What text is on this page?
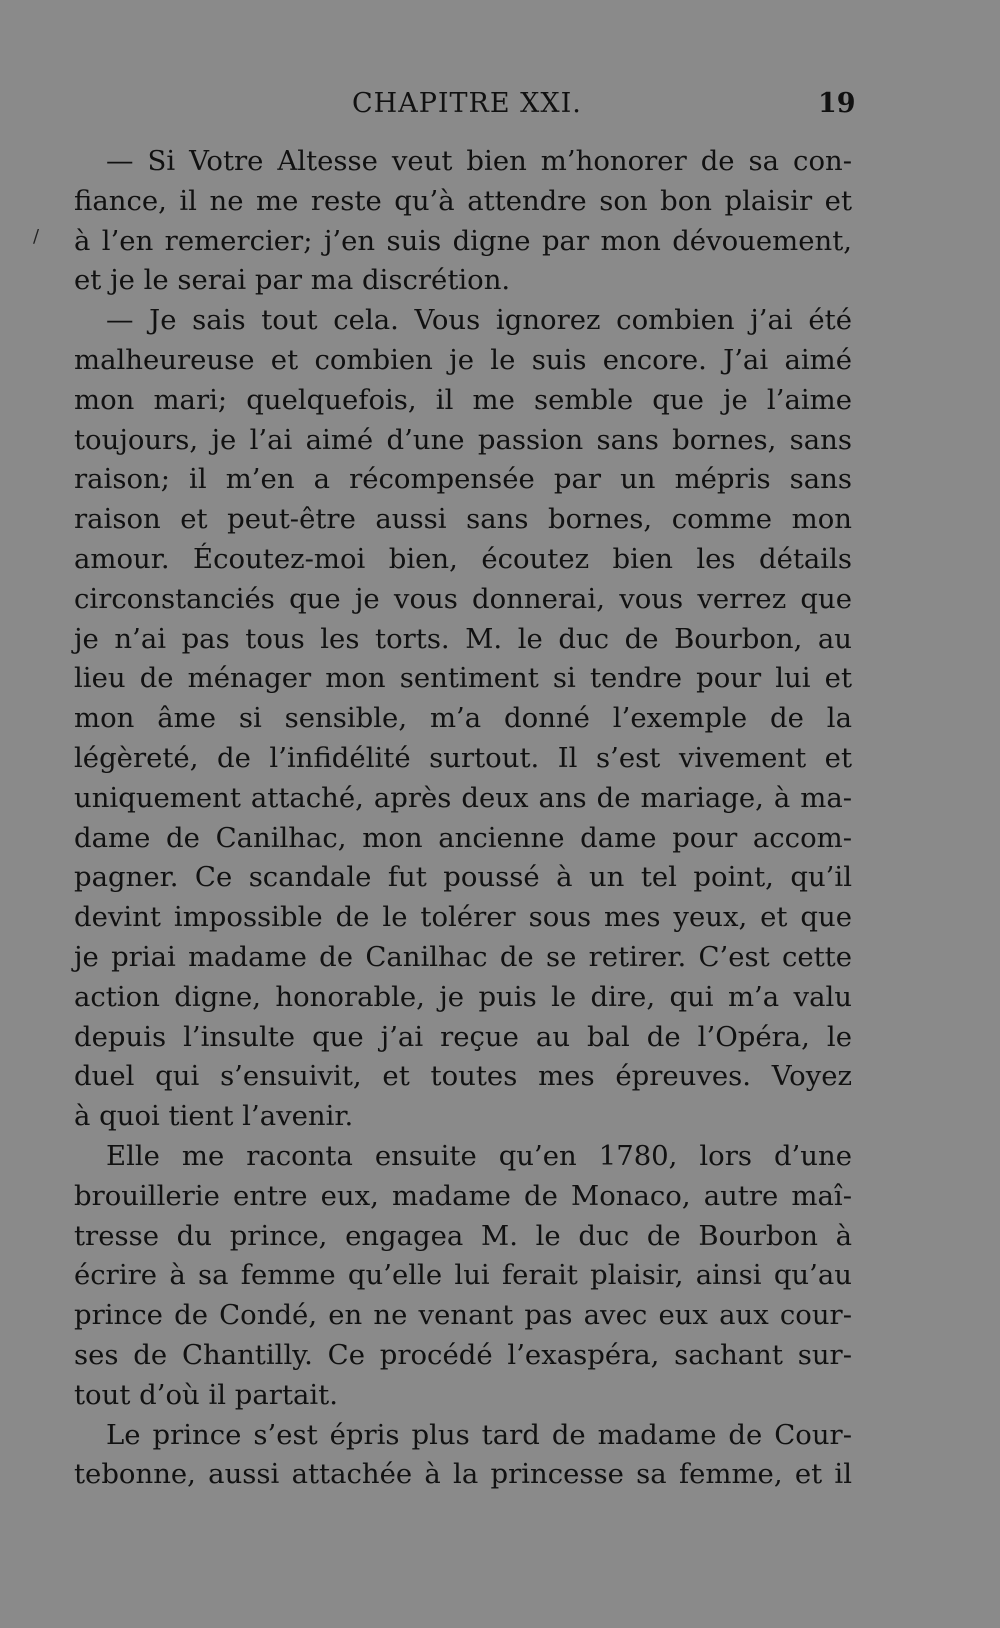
CHAPITRE XXI.	19
/
— Si Votre Altesse veut bien m’honorer de sa con-
fiance, il ne me reste qu’à attendre son bon plaisir et
à l’en remercier; j’en suis digne par mon dévouement,
et je le serai par ma discrétion.
— Je sais tout cela. Vous ignorez combien j’ai été
malheureuse et combien je le suis encore. J’ai aimé
mon mari; quelquefois, il me semble que je l’aime
toujours, je l’ai aimé d’une passion sans bornes, sans
raison; il m’en a récompensée par un mépris sans
raison et peut-être aussi sans bornes, comme mon
amour. Écoutez-moi bien, écoutez bien les détails
circonstanciés que je vous donnerai, vous verrez que
je n’ai pas tous les torts. M. le duc de Bourbon, au
lieu de ménager mon sentiment si tendre pour lui et
mon âme si sensible, m’a donné l’exemple de la
légèreté, de l’infidélité surtout. Il s’est vivement et
uniquement attaché, après deux ans de mariage, à ma-
dame de Canilhac, mon ancienne dame pour accom-
pagner. Ce scandale fut poussé à un tel point, qu’il
devint impossible de le tolérer sous mes yeux, et que
je priai madame de Canilhac de se retirer. C’est cette
action digne, honorable, je puis le dire, qui m’a valu
depuis l’insulte que j’ai reçue au bal de l’Opéra, le
duel qui s’ensuivit, et toutes mes épreuves. Voyez
à quoi tient l’avenir.
Elle me raconta ensuite qu’en 1780, lors d’une
brouillerie entre eux, madame de Monaco, autre maî-
tresse du prince, engagea M. le duc de Bourbon à
écrire à sa femme qu’elle lui ferait plaisir, ainsi qu’au
prince de Condé, en ne venant pas avec eux aux cour-
ses de Chantilly. Ce procédé l’exaspéra, sachant sur-
tout d’où il partait.
Le prince s’est épris plus tard de madame de Cour-
tebonne, aussi attachée à la princesse sa femme, et il
